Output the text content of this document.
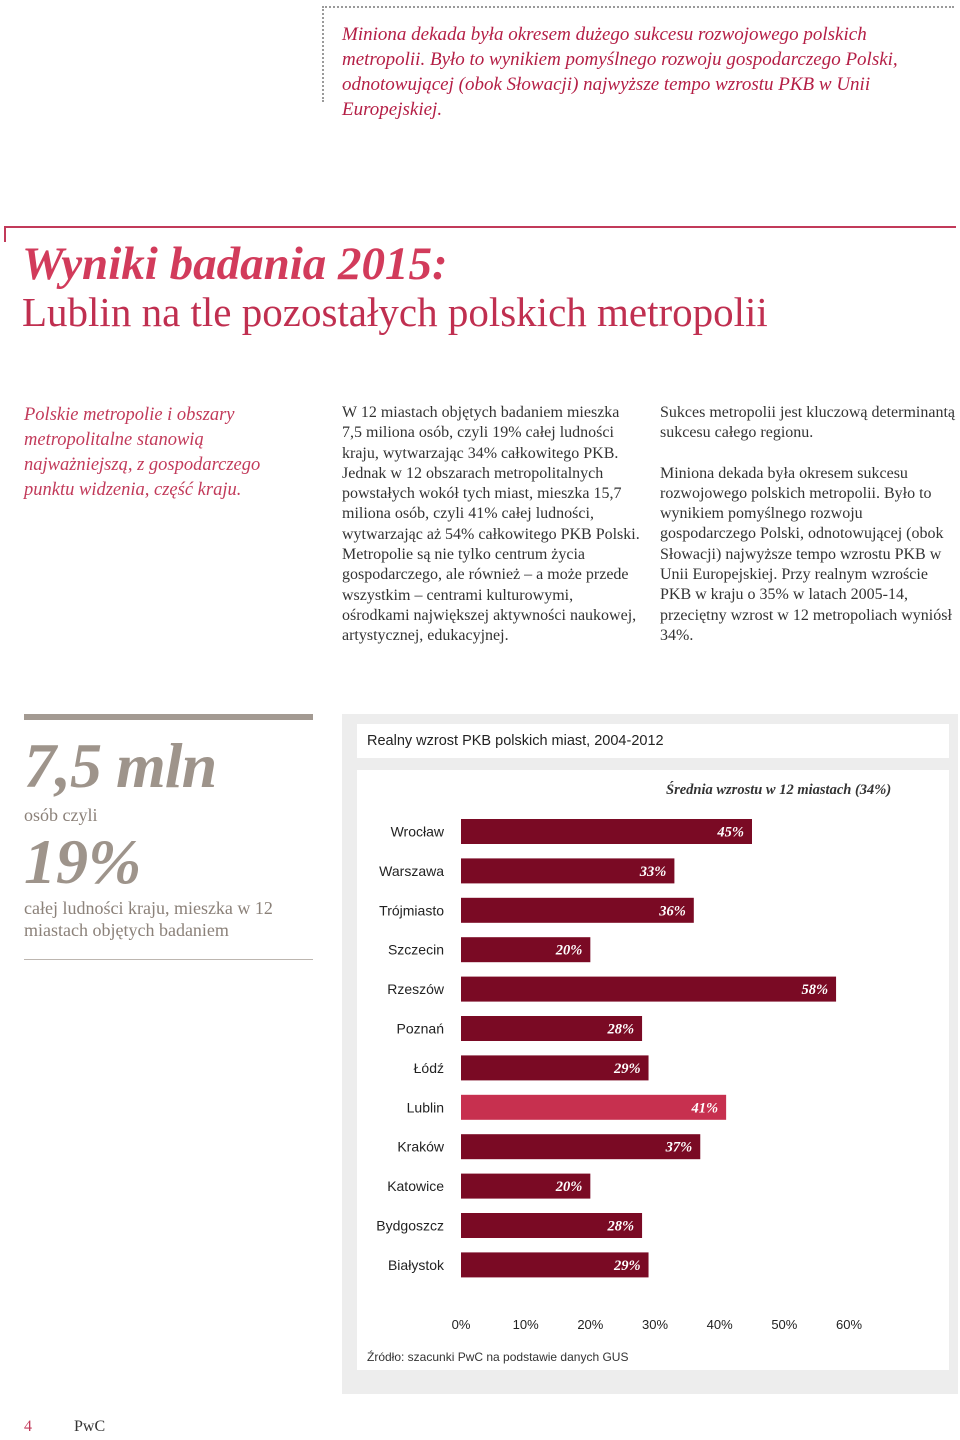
Miniona dekada była okresem dużego sukcesu rozwojowego polskich metropolii. Było to wynikiem pomyślnego rozwoju gospodarczego Polski, odnotowującej (obok Słowacji) najwyższe tempo wzrostu PKB w Unii Europejskiej.
Wyniki badania 2015:
Lublin na tle pozostałych polskich metropolii
Polskie metropolie i obszary metropolitalne stanowią najważniejszą, z gospodarczego punktu widzenia, część kraju.
W 12 miastach objętych badaniem mieszka 7,5 miliona osób, czyli 19% całej ludności kraju, wytwarzając 34% całkowitego PKB. Jednak w 12 obszarach metropolitalnych powstałych wokół tych miast, mieszka 15,7 miliona osób, czyli 41% całej ludności, wytwarzając aż 54% całkowitego PKB Polski. Metropolie są nie tylko centrum życia gospodarczego, ale również – a może przede wszystkim – centrami kulturowymi, ośrodkami największej aktywności naukowej, artystycznej, edukacyjnej.

Sukces metropolii jest kluczową determinantą sukcesu całego regionu.

Miniona dekada była okresem sukcesu rozwojowego polskich metropolii. Było to wynikiem pomyślnego rozwoju gospodarczego Polski, odnotowującej (obok Słowacji) najwyższe tempo wzrostu PKB w Unii Europejskiej. Przy realnym wzroście PKB w kraju o 35% w latach 2005-14, przeciętny wzrost w 12 metropoliach wyniósł 34%.

7,5 mln
osób czyli
19%
całej ludności kraju, mieszka w 12 miastach objętych badaniem
Realny wzrost PKB polskich miast, 2004-2012
Wrocław	45%
Warszawa	33%
Trójmiasto	36%
Szczecin	20%
Rzeszów	58%
Poznań	28%
Łódź	29%
Lublin	41%
Kraków	37%
Katowice	20%
Bydgoszcz	28%
Białystok	29%
0%	10%	20%	30%	40%	50%	60%
Średnia wzrostu w 12 miastach (34%)
Źródło: szacunki PwC na podstawie danych GUS
4	PwC
